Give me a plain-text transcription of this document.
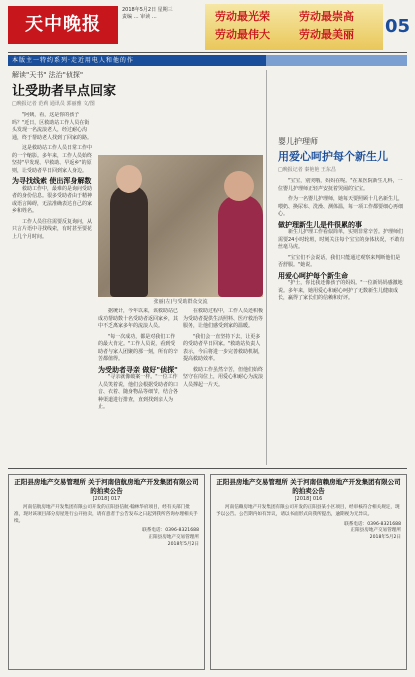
天中晚报
2018年5月2日 星期三
责编 … 审读 …	劳动最光荣	劳动最崇高
劳动最伟大	劳动最美丽 05
本版主一特约系列·走近用电人和他的作
解读"天书" 法治"侦探"
让受助者早点回家
□晚报记者 范莉 通讯员 郭丽雅 文/图

"阿姨，看，这是你的孩子吗？"近日，区救助站工作人员在街头发现一名流浪老人，经过耐心沟通，终于帮助老人找到了回家的路。

这是救助站工作人员日常工作中的一个缩影。多年来，工作人员始终坚持"早发现、早救助、早返乡"的原则，让受助者早日回到家人身边。

为寻找线索 使出浑身解数

救助工作中，最难的是询问受助者的身份信息。很多受助者由于精神或语言障碍，无法准确表达自己的家乡和姓名。

工作人员往往需要反复询问，从只言片语中寻找线索，有时甚至要花上几个月时间。

张丽(左)与受助群众交流

据统计，今年以来，该救助站已成功帮助数十名受助者返回家乡，其中不乏离家多年的流浪人员。

"每一次成功，都是对我们工作的最大肯定。"工作人员说，看到受助者与家人团聚的那一刻，所有的辛苦都值得。

为受助者寻亲 做好"侦探"

"寻亲就像破案一样。"一位工作人员笑着说，他们会根据受助者的口音、衣着、随身物品等细节，结合各种渠道进行排查，直到找到亲人为止。

在救助过程中，工作人员还积极为受助者提供生活照料、医疗救治等服务，让他们感受到家的温暖。

"我们会一直坚持下去，让更多的受助者早日回家。"救助站负责人表示，今后将进一步完善救助机制，提高救助效率。

救助工作虽然辛苦，但他们始终坚守在岗位上，用爱心和耐心为流浪人员撑起一片天。

婴儿护理师
用爱心呵护每个新生儿
□晚报记者 秦艳艳 王东昌

"宝宝，别哭哦，妈妈在呢。"在某医院新生儿科，一位婴儿护理师正轻声安抚着哭闹的宝宝。

作为一名婴儿护理师，她每天要照顾十几名新生儿，喂奶、换尿布、洗澡、测体温，每一项工作都要细心再细心。

做护理新生儿是件很累的事

新生儿护理工作看似简单，实则非常辛苦。护理师们需要24小时轮班，时刻关注每个宝宝的身体状况，不敢有丝毫马虎。

"宝宝们不会说话，我们只能通过观察来判断他们是否舒服。"她说。

用爱心呵护每个新生命

"护士，你比我还像孩子的妈妈。"一位新妈妈感激地说。多年来，她用爱心和耐心呵护了无数新生儿健康成长，赢得了家长们的信赖和好评。

正阳县房地产交易管理所 关于河南信航房地产开发集团有限公司的拍卖公告
[2018] 017
河南信航房地产开发集团有限公司开发的正阳县信航·翰林华府项目，经有关部门批准，现对该项目部分房屋进行公开拍卖，请有意者于公告发布之日起到我所咨询办理相关手续。
联系电话：0396-8321688
正阳县房地产交易管理所
2018年5月2日
正阳县房地产交易管理所 关于河南信赖房地产开发集团有限公司的拍卖公告
[2018] 016
河南信赖房地产开发集团有限公司开发的正阳县某小区项目，经审核符合相关规定，现予以公告。公告期内如有异议，请以书面形式向我所提出，逾期视为无异议。
联系电话：0396-8321688
正阳县房地产交易管理所
2018年5月2日
